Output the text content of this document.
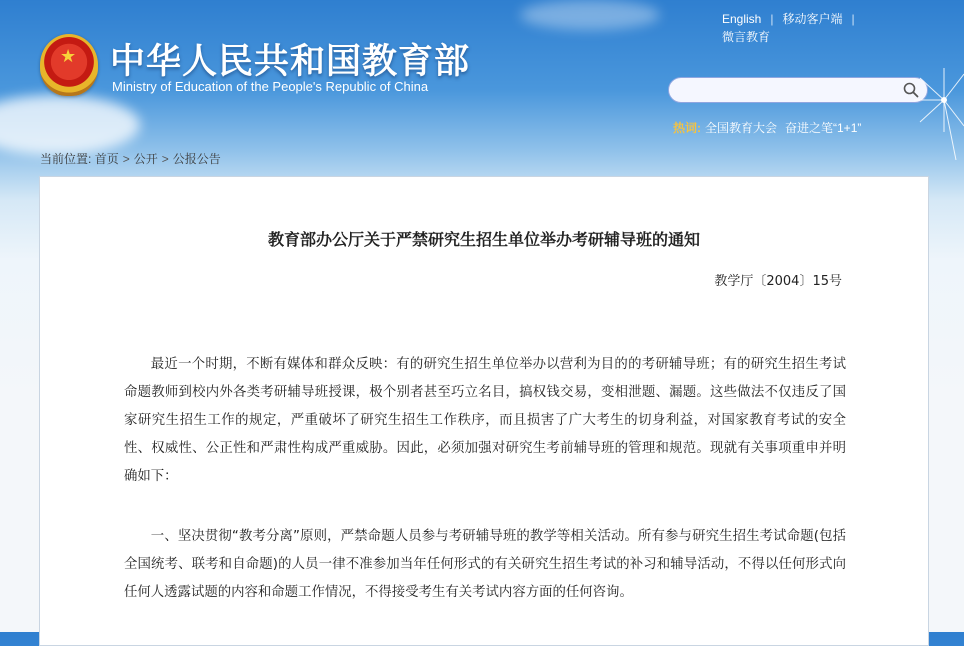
★ 中华人民共和国教育部
Ministry of Education of the People's Republic of China
English | 移动客户端 |
微言教育
热词: 全国教育大会 奋进之笔“1+1”
当前位置: 首页 > 公开 > 公报公告
教育部办公厅关于严禁研究生招生单位举办考研辅导班的通知
教学厅〔2004〕15号

最近一个时期，不断有媒体和群众反映：有的研究生招生单位举办以营利为目的的考研辅导班；有的研究生招生考试命题教师到校内外各类考研辅导班授课，极个别者甚至巧立名目，搞权钱交易，变相泄题、漏题。这些做法不仅违反了国家研究生招生工作的规定，严重破坏了研究生招生工作秩序，而且损害了广大考生的切身利益，对国家教育考试的安全性、权威性、公正性和严肃性构成严重威胁。因此，必须加强对研究生考前辅导班的管理和规范。现就有关事项重申并明确如下：

一、坚决贯彻“教考分离”原则，严禁命题人员参与考研辅导班的教学等相关活动。所有参与研究生招生考试命题(包括全国统考、联考和自命题)的人员一律不准参加当年任何形式的有关研究生招生考试的补习和辅导活动，不得以任何形式向任何人透露试题的内容和命题工作情况，不得接受考生有关考试内容方面的任何咨询。
